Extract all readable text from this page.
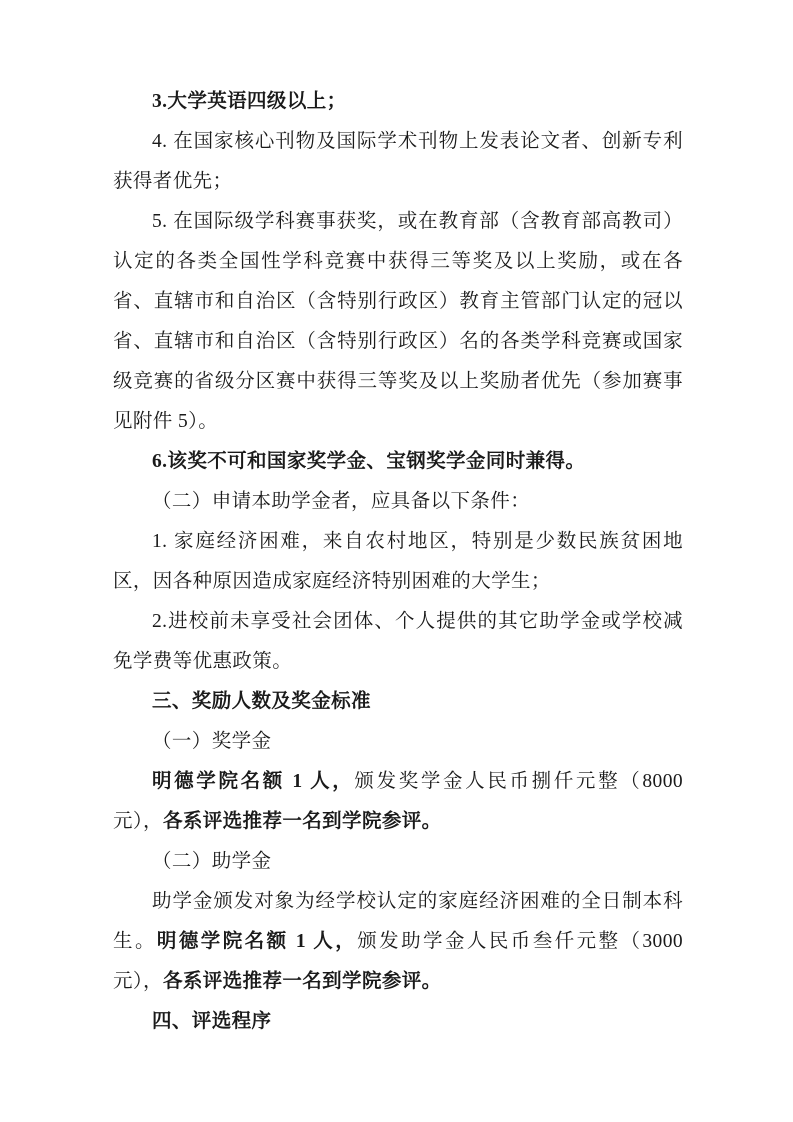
3.大学英语四级以上；

4. 在国家核心刊物及国际学术刊物上发表论文者、创新专利获得者优先；

5. 在国际级学科赛事获奖，或在教育部（含教育部高教司）认定的各类全国性学科竞赛中获得三等奖及以上奖励，或在各省、直辖市和自治区（含特别行政区）教育主管部门认定的冠以省、直辖市和自治区（含特别行政区）名的各类学科竞赛或国家级竞赛的省级分区赛中获得三等奖及以上奖励者优先（参加赛事见附件 5）。

6.该奖不可和国家奖学金、宝钢奖学金同时兼得。

（二）申请本助学金者，应具备以下条件：

1. 家庭经济困难，来自农村地区，特别是少数民族贫困地区，因各种原因造成家庭经济特别困难的大学生；

2.进校前未享受社会团体、个人提供的其它助学金或学校减免学费等优惠政策。

三、奖励人数及奖金标准

（一）奖学金

明德学院名额 1 人，颁发奖学金人民币捌仟元整（8000 元），各系评选推荐一名到学院参评。

（二）助学金

助学金颁发对象为经学校认定的家庭经济困难的全日制本科生。明德学院名额 1 人，颁发助学金人民币叁仟元整（3000 元），各系评选推荐一名到学院参评。

四、评选程序
